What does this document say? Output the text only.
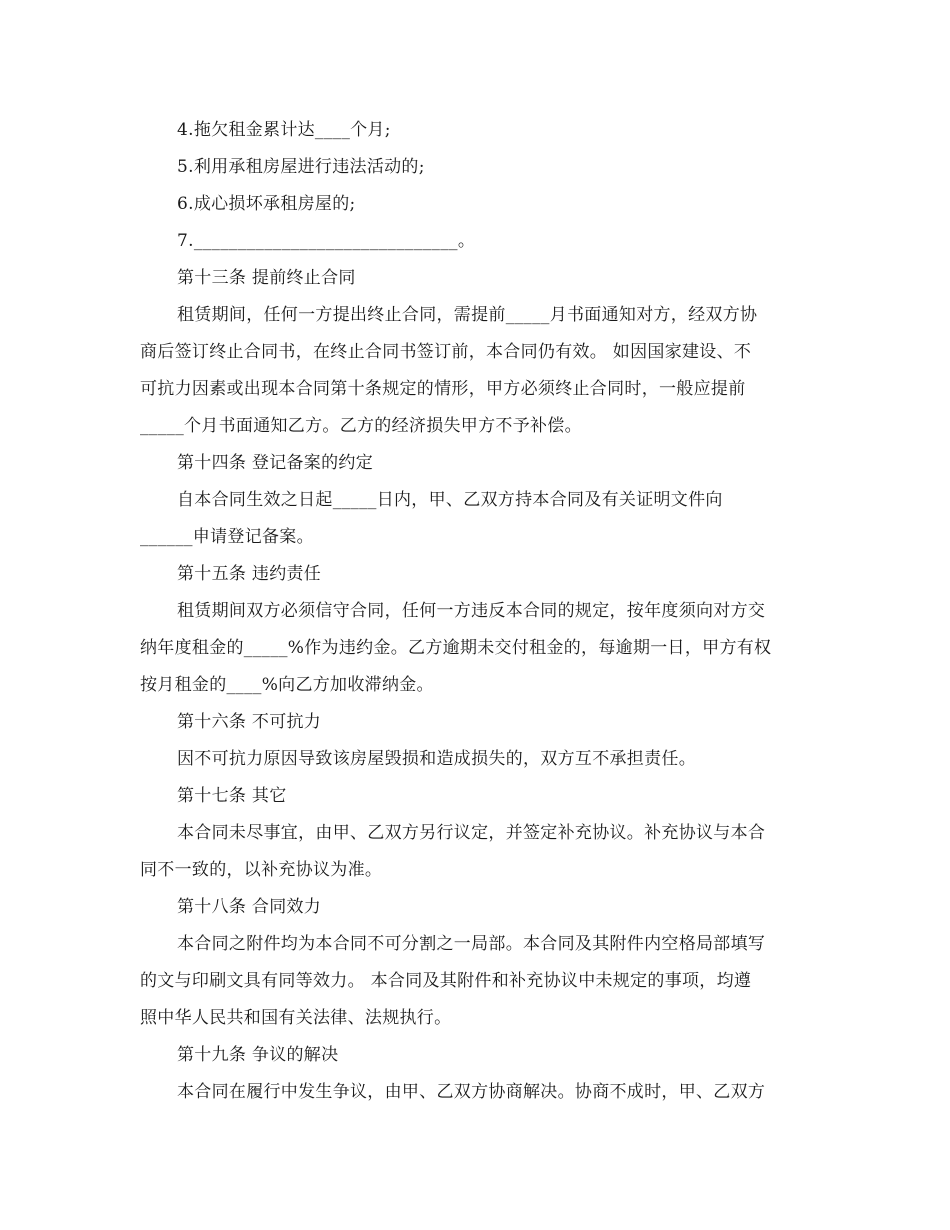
4.拖欠租金累计达____个月;
5.利用承租房屋进行违法活动的;
6.成心损坏承租房屋的;
7.______________________________。
第十三条 提前终止合同
租赁期间，任何一方提出终止合同，需提前_____月书面通知对方，经双方协
商后签订终止合同书，在终止合同书签订前，本合同仍有效。 如因国家建设、不
可抗力因素或出现本合同第十条规定的情形，甲方必须终止合同时，一般应提前
_____个月书面通知乙方。乙方的经济损失甲方不予补偿。
第十四条 登记备案的约定
自本合同生效之日起_____日内，甲、乙双方持本合同及有关证明文件向
______申请登记备案。
第十五条 违约责任
租赁期间双方必须信守合同，任何一方违反本合同的规定，按年度须向对方交
纳年度租金的_____%作为违约金。乙方逾期未交付租金的，每逾期一日，甲方有权
按月租金的____%向乙方加收滞纳金。
第十六条 不可抗力
因不可抗力原因导致该房屋毁损和造成损失的，双方互不承担责任。
第十七条 其它
本合同未尽事宜，由甲、乙双方另行议定，并签定补充协议。补充协议与本合
同不一致的，以补充协议为准。
第十八条 合同效力
本合同之附件均为本合同不可分割之一局部。本合同及其附件内空格局部填写
的文与印刷文具有同等效力。 本合同及其附件和补充协议中未规定的事项，均遵
照中华人民共和国有关法律、法规执行。
第十九条 争议的解决
本合同在履行中发生争议，由甲、乙双方协商解决。协商不成时，甲、乙双方
